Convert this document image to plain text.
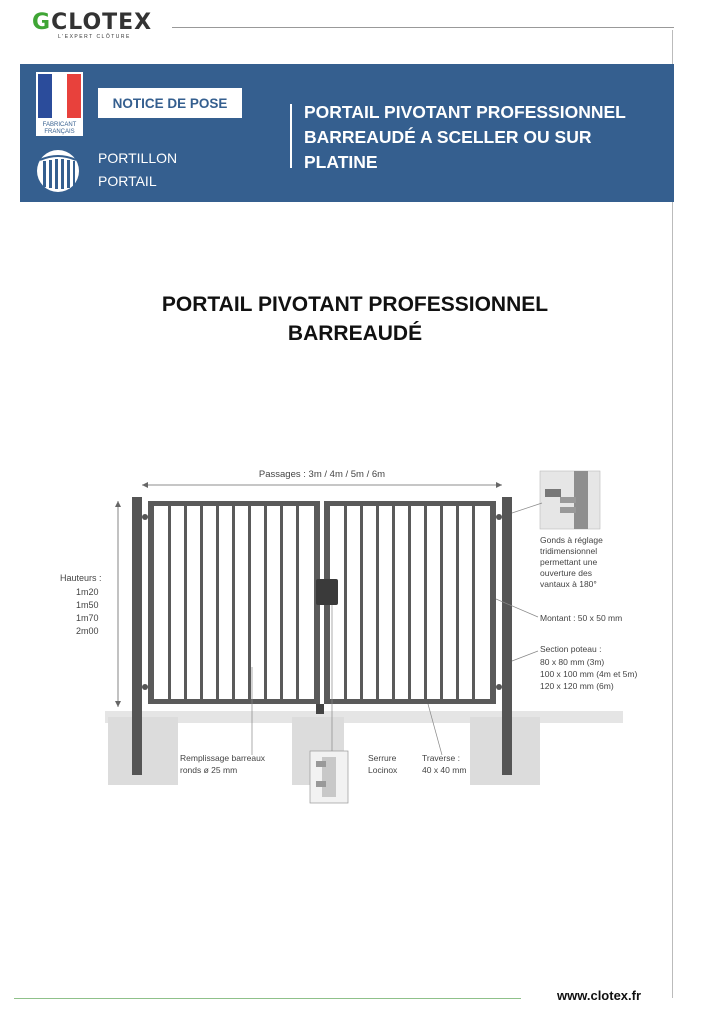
G CLOTEX
L'EXPERT CLÔTURE
FABRICANT
FRANÇAIS
NOTICE DE POSE
PORTILLON
PORTAIL
PORTAIL PIVOTANT PROFESSIONNEL
BARREAUDÉ A SCELLER OU SUR
PLATINE
PORTAIL PIVOTANT PROFESSIONNEL
BARREAUDÉ
Passages : 3m / 4m / 5m / 6m
Hauteurs :
1m20
1m50
1m70
2m00
Gonds à réglage
tridimensionnel
permettant une
ouverture des
vantaux à 180°
Montant : 50 x 50 mm
Section poteau :
80 x 80 mm (3m)
100 x 100 mm (4m et 5m)
120 x 120 mm (6m)
Remplissage barreaux
ronds ø 25 mm
Serrure
Locinox
Traverse :
40 x 40 mm
www.clotex.fr
